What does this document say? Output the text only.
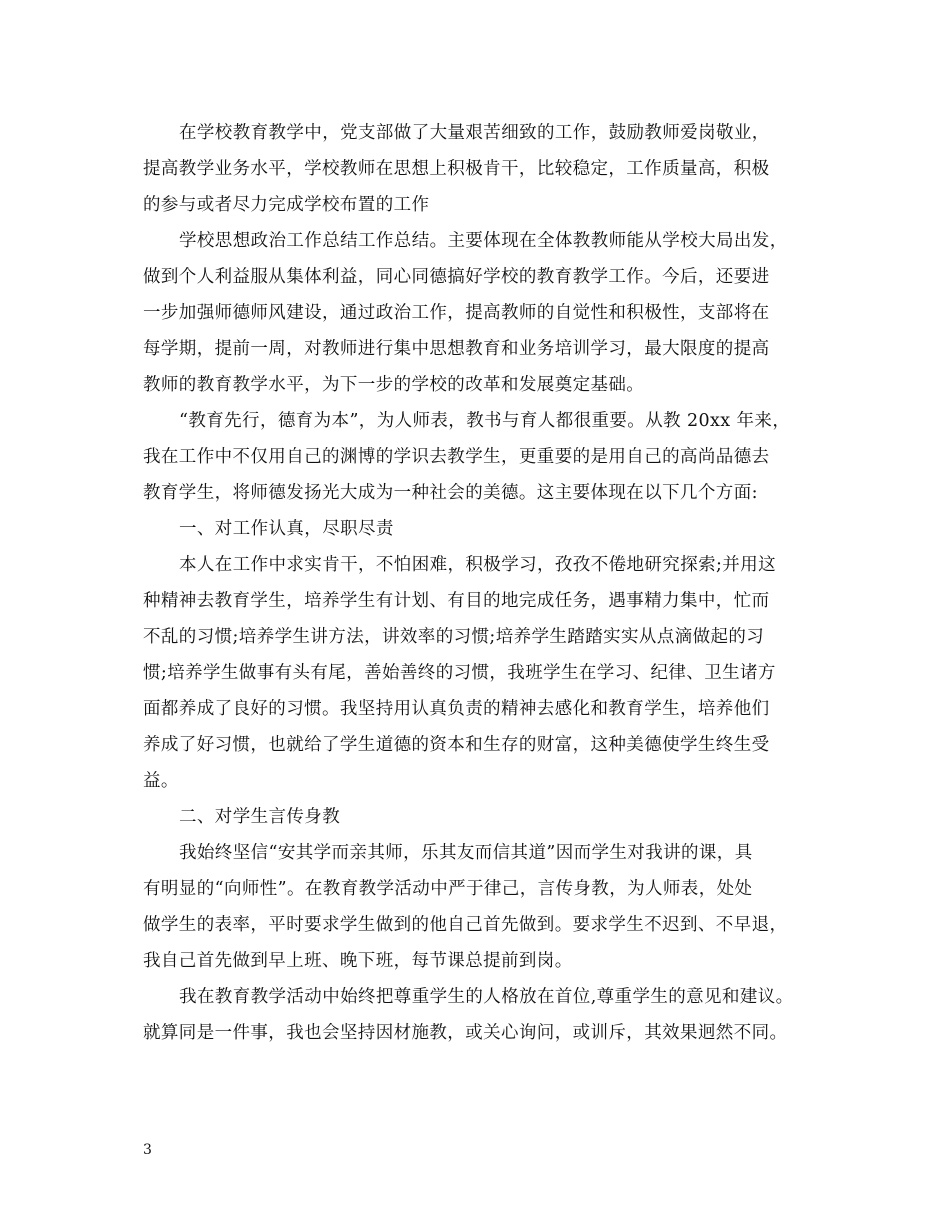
在学校教育教学中，党支部做了大量艰苦细致的工作，鼓励教师爱岗敬业，
提高教学业务水平，学校教师在思想上积极肯干，比较稳定，工作质量高，积极
的参与或者尽力完成学校布置的工作
学校思想政治工作总结工作总结。主要体现在全体教教师能从学校大局出发，
做到个人利益服从集体利益，同心同德搞好学校的教育教学工作。今后，还要进
一步加强师德师风建设，通过政治工作，提高教师的自觉性和积极性，支部将在
每学期，提前一周，对教师进行集中思想教育和业务培训学习，最大限度的提高
教师的教育教学水平，为下一步的学校的改革和发展奠定基础。
“教育先行，德育为本”，为人师表，教书与育人都很重要。从教 20xx 年来，
我在工作中不仅用自己的渊博的学识去教学生，更重要的是用自己的高尚品德去
教育学生，将师德发扬光大成为一种社会的美德。这主要体现在以下几个方面:
一、对工作认真，尽职尽责
本人在工作中求实肯干，不怕困难，积极学习，孜孜不倦地研究探索;并用这
种精神去教育学生，培养学生有计划、有目的地完成任务，遇事精力集中，忙而
不乱的习惯;培养学生讲方法，讲效率的习惯;培养学生踏踏实实从点滴做起的习
惯;培养学生做事有头有尾，善始善终的习惯，我班学生在学习、纪律、卫生诸方
面都养成了良好的习惯。我坚持用认真负责的精神去感化和教育学生，培养他们
养成了好习惯，也就给了学生道德的资本和生存的财富，这种美德使学生终生受
益。
二、对学生言传身教
我始终坚信“安其学而亲其师，乐其友而信其道”因而学生对我讲的课，具
有明显的“向师性”。在教育教学活动中严于律己，言传身教，为人师表，处处
做学生的表率，平时要求学生做到的他自己首先做到。要求学生不迟到、不早退，
我自己首先做到早上班、晚下班，每节课总提前到岗。
我在教育教学活动中始终把尊重学生的人格放在首位,尊重学生的意见和建议。
就算同是一件事，我也会坚持因材施教，或关心询问，或训斥，其效果迥然不同。
3
